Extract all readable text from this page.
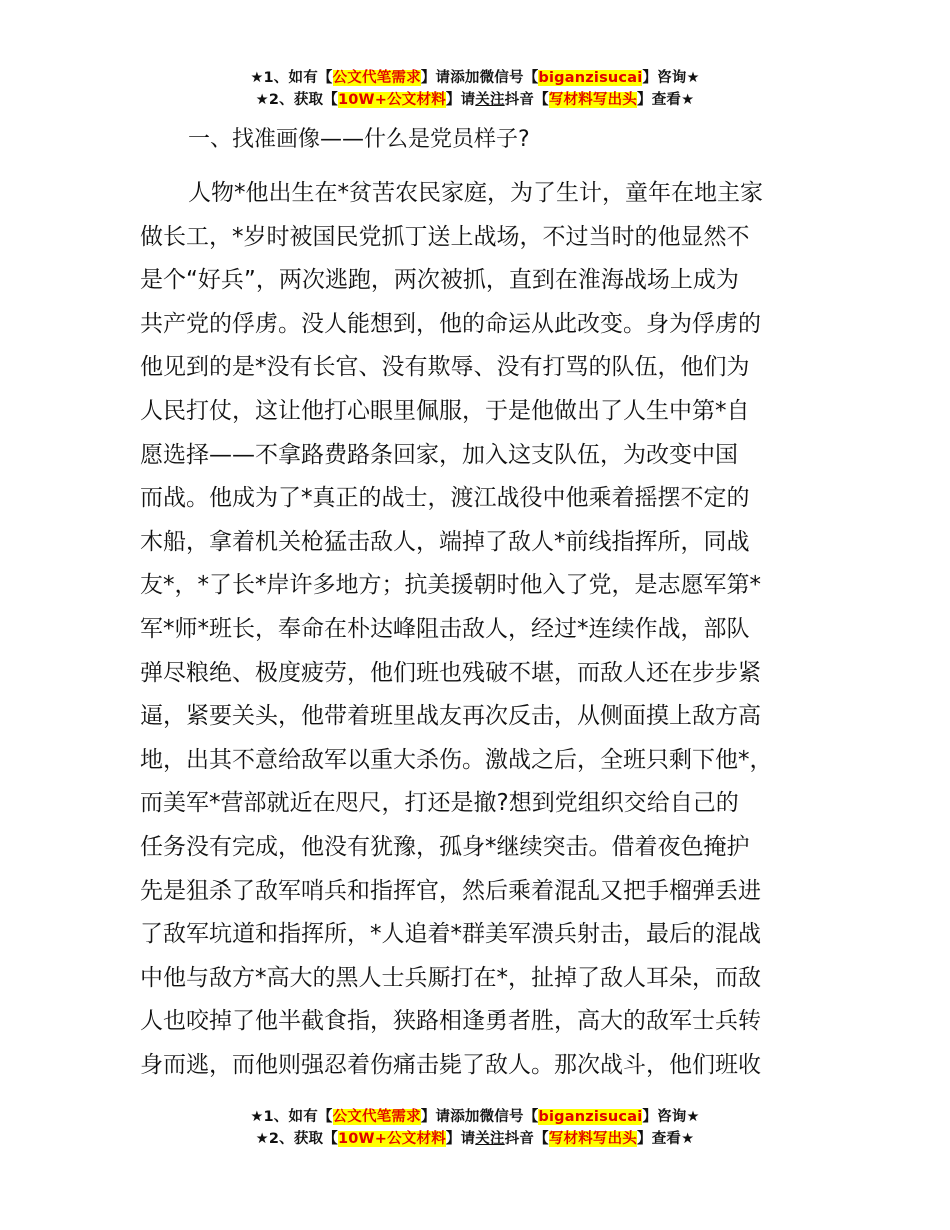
★1、如有【公文代笔需求】请添加微信号【biganzisucai】咨询★
★2、获取【10W+公文材料】请关注抖音【写材料写出头】查看★
一、找准画像——什么是党员样子?
人物*他出生在*贫苦农民家庭，为了生计，童年在地主家
做长工，*岁时被国民党抓丁送上战场，不过当时的他显然不
是个“好兵”，两次逃跑，两次被抓，直到在淮海战场上成为
共产党的俘虏。没人能想到，他的命运从此改变。身为俘虏的
他见到的是*没有长官、没有欺辱、没有打骂的队伍，他们为
人民打仗，这让他打心眼里佩服，于是他做出了人生中第*自
愿选择——不拿路费路条回家，加入这支队伍，为改变中国
而战。他成为了*真正的战士，渡江战役中他乘着摇摆不定的
木船，拿着机关枪猛击敌人，端掉了敌人*前线指挥所，同战
友*，*了长*岸许多地方；抗美援朝时他入了党，是志愿军第*
军*师*班长，奉命在朴达峰阻击敌人，经过*连续作战，部队
弹尽粮绝、极度疲劳，他们班也残破不堪，而敌人还在步步紧
逼，紧要关头，他带着班里战友再次反击，从侧面摸上敌方高
地，出其不意给敌军以重大杀伤。激战之后，全班只剩下他*，
而美军*营部就近在咫尺，打还是撤?想到党组织交给自己的
任务没有完成，他没有犹豫，孤身*继续突击。借着夜色掩护
先是狙杀了敌军哨兵和指挥官，然后乘着混乱又把手榴弹丢进
了敌军坑道和指挥所，*人追着*群美军溃兵射击，最后的混战
中他与敌方*高大的黑人士兵厮打在*，扯掉了敌人耳朵，而敌
人也咬掉了他半截食指，狭路相逢勇者胜，高大的敌军士兵转
身而逃，而他则强忍着伤痛击毙了敌人。那次战斗，他们班收
★1、如有【公文代笔需求】请添加微信号【biganzisucai】咨询★
★2、获取【10W+公文材料】请关注抖音【写材料写出头】查看★
